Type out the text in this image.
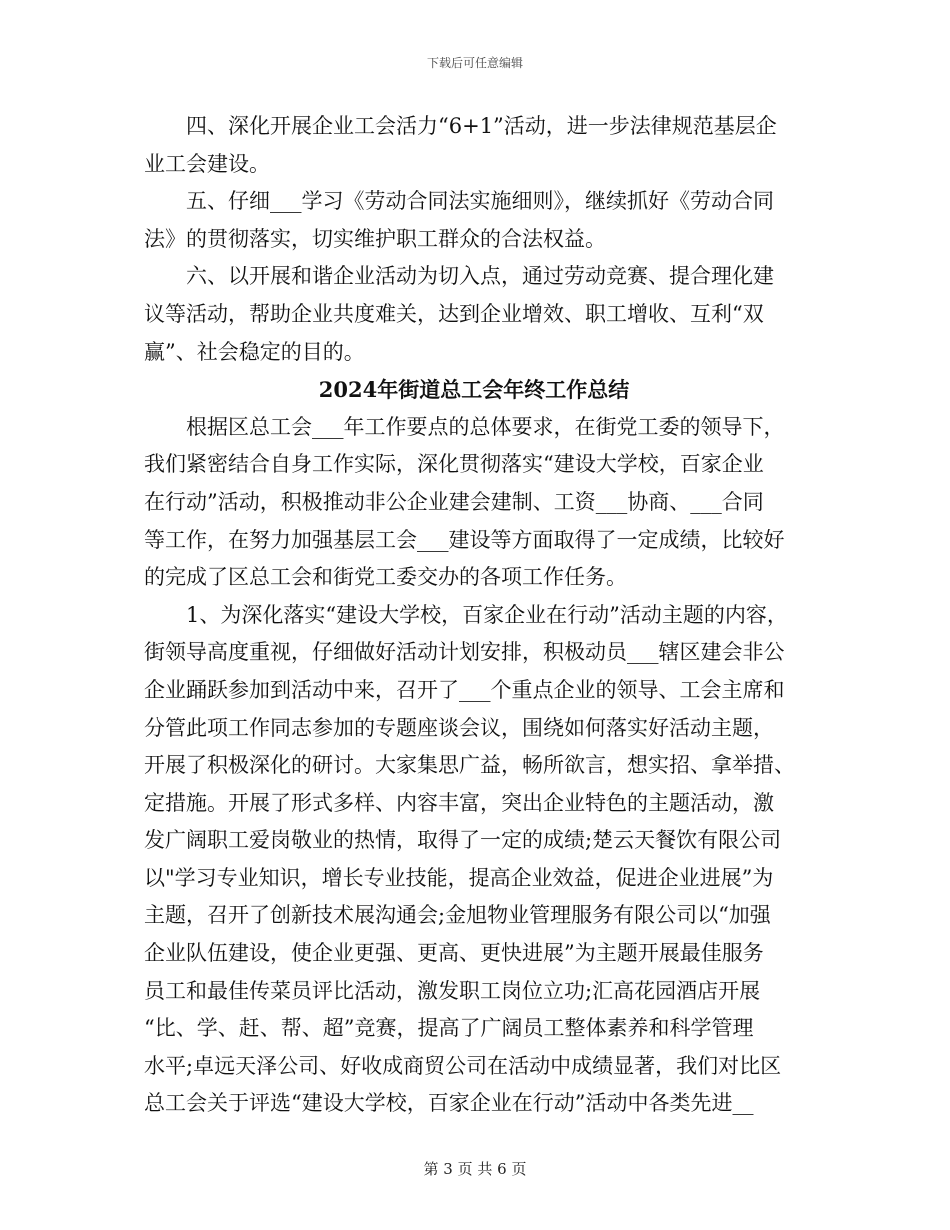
下载后可任意编辑

　　四、深化开展企业工会活力“6+1”活动，进一步法律规范基层企
业工会建设。

　　五、仔细___学习《劳动合同法实施细则》，继续抓好《劳动合同
法》的贯彻落实，切实维护职工群众的合法权益。

　　六、以开展和谐企业活动为切入点，通过劳动竞赛、提合理化建
议等活动，帮助企业共度难关，达到企业增效、职工增收、互利“双
赢”、社会稳定的目的。

2024年街道总工会年终工作总结

　　根据区总工会___年工作要点的总体要求，在街党工委的领导下，
我们紧密结合自身工作实际，深化贯彻落实“建设大学校，百家企业
在行动”活动，积极推动非公企业建会建制、工资___协商、___合同
等工作，在努力加强基层工会___建设等方面取得了一定成绩，比较好
的完成了区总工会和街党工委交办的各项工作任务。

　　1、为深化落实“建设大学校，百家企业在行动”活动主题的内容，
街领导高度重视，仔细做好活动计划安排，积极动员___辖区建会非公
企业踊跃参加到活动中来，召开了___个重点企业的领导、工会主席和
分管此项工作同志参加的专题座谈会议，围绕如何落实好活动主题，
开展了积极深化的研讨。大家集思广益，畅所欲言，想实招、拿举措、
定措施。开展了形式多样、内容丰富，突出企业特色的主题活动，激
发广阔职工爱岗敬业的热情，取得了一定的成绩;楚云天餐饮有限公司
以"学习专业知识，增长专业技能，提高企业效益，促进企业进展”为
主题，召开了创新技术展沟通会;金旭物业管理服务有限公司以“加强
企业队伍建设，使企业更强、更高、更快进展”为主题开展最佳服务
员工和最佳传菜员评比活动，激发职工岗位立功;汇高花园酒店开展
“比、学、赶、帮、超”竞赛，提高了广阔员工整体素养和科学管理
水平;卓远天泽公司、好收成商贸公司在活动中成绩显著，我们对比区
总工会关于评选“建设大学校，百家企业在行动”活动中各类先进__

第 3 页 共 6 页
